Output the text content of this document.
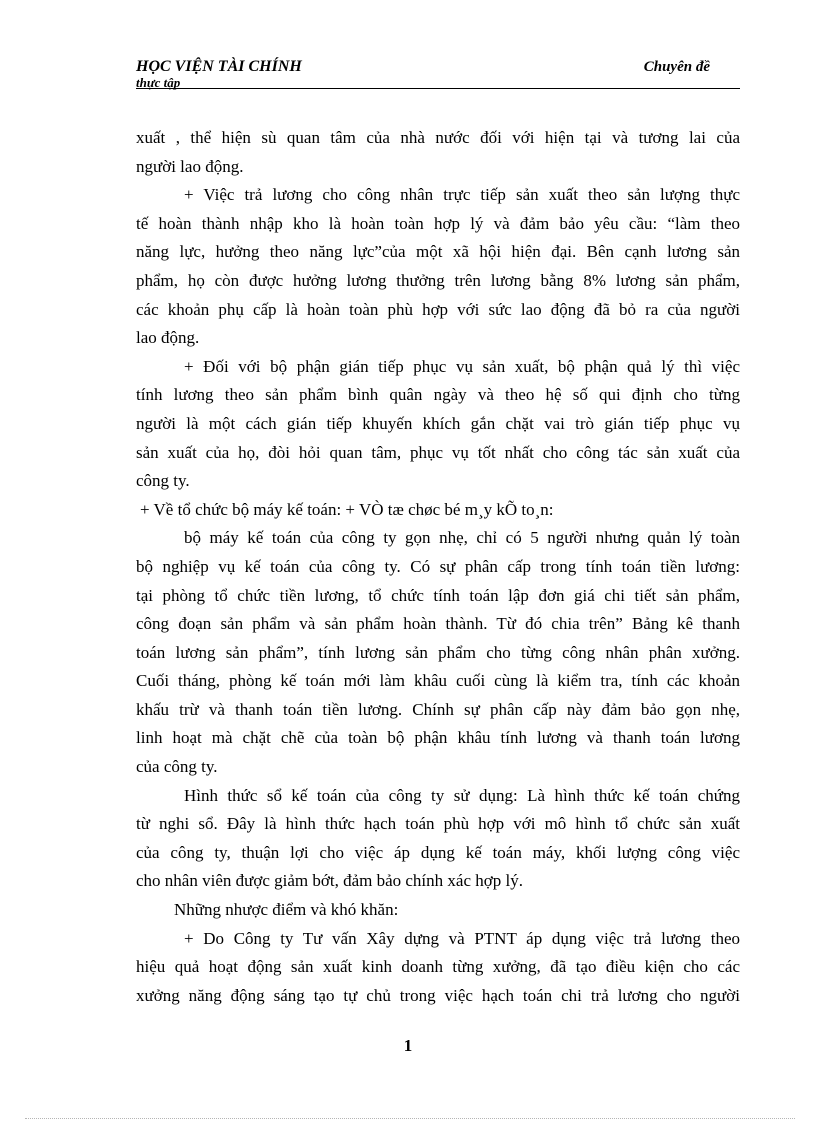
HỌC VIỆN TÀI CHÍNH	Chuyên đề
thực tập
xuất , thể hiện sù quan tâm của nhà nước đối với hiện tại và tương lai của
người lao động.
+ Việc trả lương cho công nhân trực tiếp sản xuất theo sản lượng thực
tế hoàn thành nhập kho là hoàn toàn hợp lý và đảm bảo yêu cầu: “làm theo
năng lực, hưởng theo năng lực”của một xã hội hiện đại. Bên cạnh lương sản
phẩm, họ còn được hưởng lương thưởng trên lương bằng 8% lương sản phẩm,
các khoản phụ cấp là hoàn toàn phù hợp với sức lao động đã bỏ ra của người
lao động.
+ Đối với bộ phận gián tiếp phục vụ sản xuất, bộ phận quả lý thì việc
tính lương theo sản phẩm bình quân ngày và theo hệ số qui định cho từng
người là một cách gián tiếp khuyến khích gắn chặt vai trò gián tiếp phục vụ
sản xuất của họ, đòi hỏi quan tâm, phục vụ tốt nhất cho công tác sản xuất của
công ty.
+ Về tổ chức bộ máy kế toán: + VÒ tæ chøc bé m¸y kÕ to¸n:
bộ máy kế toán của công ty gọn nhẹ, chỉ có 5 người nhưng quản lý toàn
bộ nghiệp vụ kế toán của công ty. Có sự phân cấp trong tính toán tiền lương:
tại phòng tổ chức tiền lương, tổ chức tính toán lập đơn giá chi tiết sản phẩm,
công đoạn sản phẩm và sản phẩm hoàn thành. Từ đó chia trên” Bảng kê thanh
toán lương sản phẩm”, tính lương sản phẩm cho từng công nhân phân xưởng.
Cuối tháng, phòng kế toán mới làm khâu cuối cùng là kiểm tra, tính các khoản
khấu trừ và thanh toán tiền lương. Chính sự phân cấp này đảm bảo gọn nhẹ,
linh hoạt mà chặt chẽ của toàn bộ phận khâu tính lương và thanh toán lương
của công ty.
Hình thức sổ kế toán của công ty sử dụng: Là hình thức kế toán chứng
từ nghi sổ. Đây là hình thức hạch toán phù hợp với mô hình tổ chức sản xuất
của công ty, thuận lợi cho việc áp dụng kế toán máy, khối lượng công việc
cho nhân viên được giảm bớt, đảm bảo chính xác hợp lý.
Những nhược điểm và khó khăn:
+ Do Công ty Tư vấn Xây dựng và PTNT áp dụng việc trả lương theo
hiệu quả hoạt động sản xuất kinh doanh từng xưởng, đã tạo điều kiện cho các
xưởng năng động sáng tạo tự chủ trong việc hạch toán chi trả lương cho người
1
